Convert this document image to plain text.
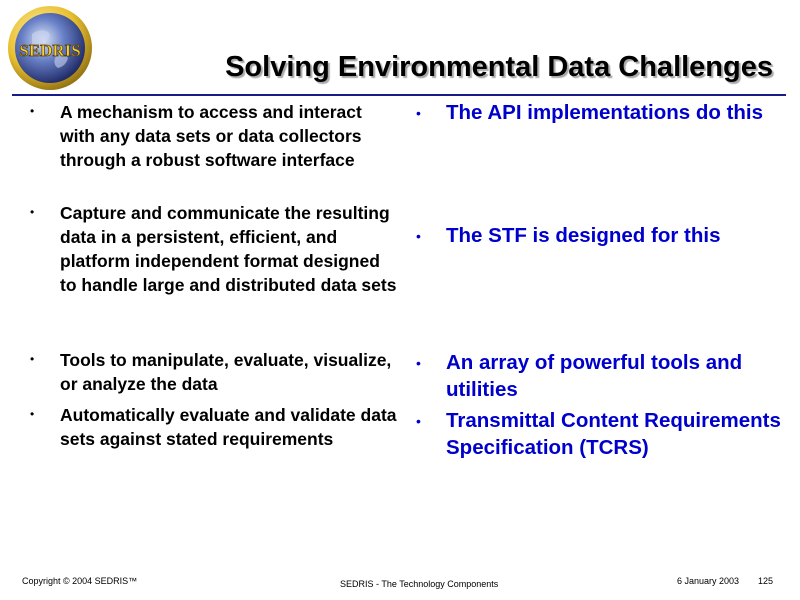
SEDRIS
Solving Environmental Data Challenges
• A mechanism to access and interact with any data sets or data collectors through a robust software interface
• Capture and communicate the resulting data in a persistent, efficient, and platform independent format designed to handle large and distributed data sets
• Tools to manipulate, evaluate, visualize, or analyze the data
• Automatically evaluate and validate data sets against stated requirements
• The API implementations do this
• The STF is designed for this
• An array of powerful tools and utilities
• Transmittal Content Requirements Specification (TCRS)
Copyright © 2004 SEDRIS™	SEDRIS - The Technology Components	6 January 2003 125
